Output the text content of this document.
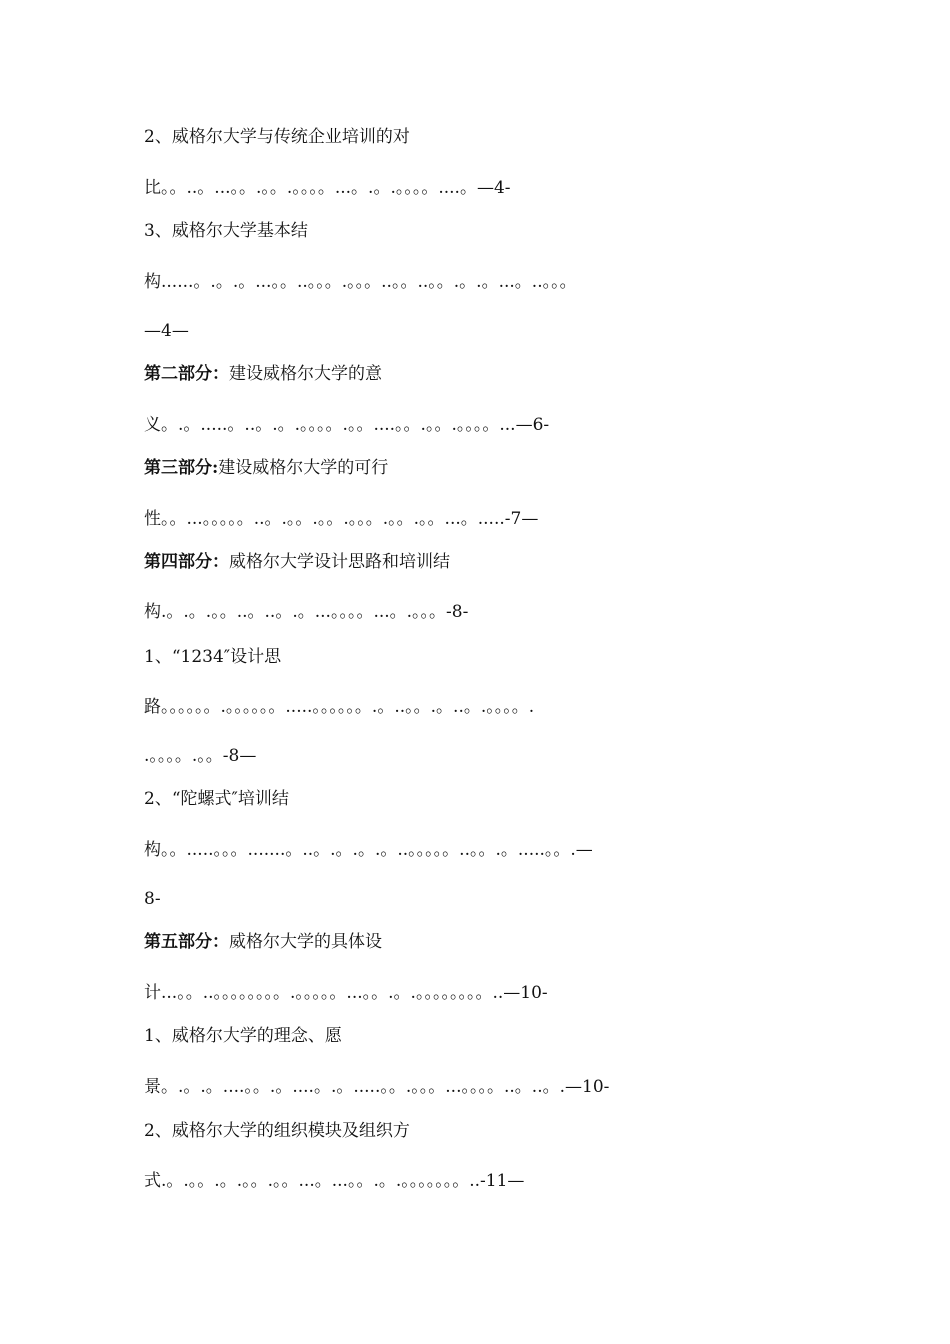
2、威格尔大学与传统企业培训的对
比。。..。...。。.。。.。。。。...。.。.。。。。....。—4-
3、威格尔大学基本结
构......。.。.。...。。..。。。.。。。..。。..。。.。.。...。..。。。
—4—
第二部分：建设威格尔大学的意
义。.。.....。..。.。.。。。。.。。....。。.。。.。。。。...—6-
第三部分:建设威格尔大学的可行
性。。...。。。。。..。.。。.。。.。。。.。。.。。...。.....-7—
第四部分：威格尔大学设计思路和培训结
构.。.。.。。..。..。.。...。。。。...。.。。。-8-
1、“1234″设计思
路。。。。。。.。。。。。。.....。。。。。。.。..。。.。..。.。。。。.
.。。。。.。。-8—
2、“陀螺式″培训结
构。。.....。。。.......。..。.。.。.。..。。。。。..。。.。.....。。.—
8-
第五部分：威格尔大学的具体设
计...。。..。。。。。。。。.。。。。。...。。.。.。。。。。。。。..—10-
1、威格尔大学的理念、愿
景。.。.。....。。.。....。.。.....。。.。。。...。。。。..。..。.—10-
2、威格尔大学的组织模块及组织方
式.。.。。.。.。。.。。...。...。。.。.。。。。。。。..-11—
